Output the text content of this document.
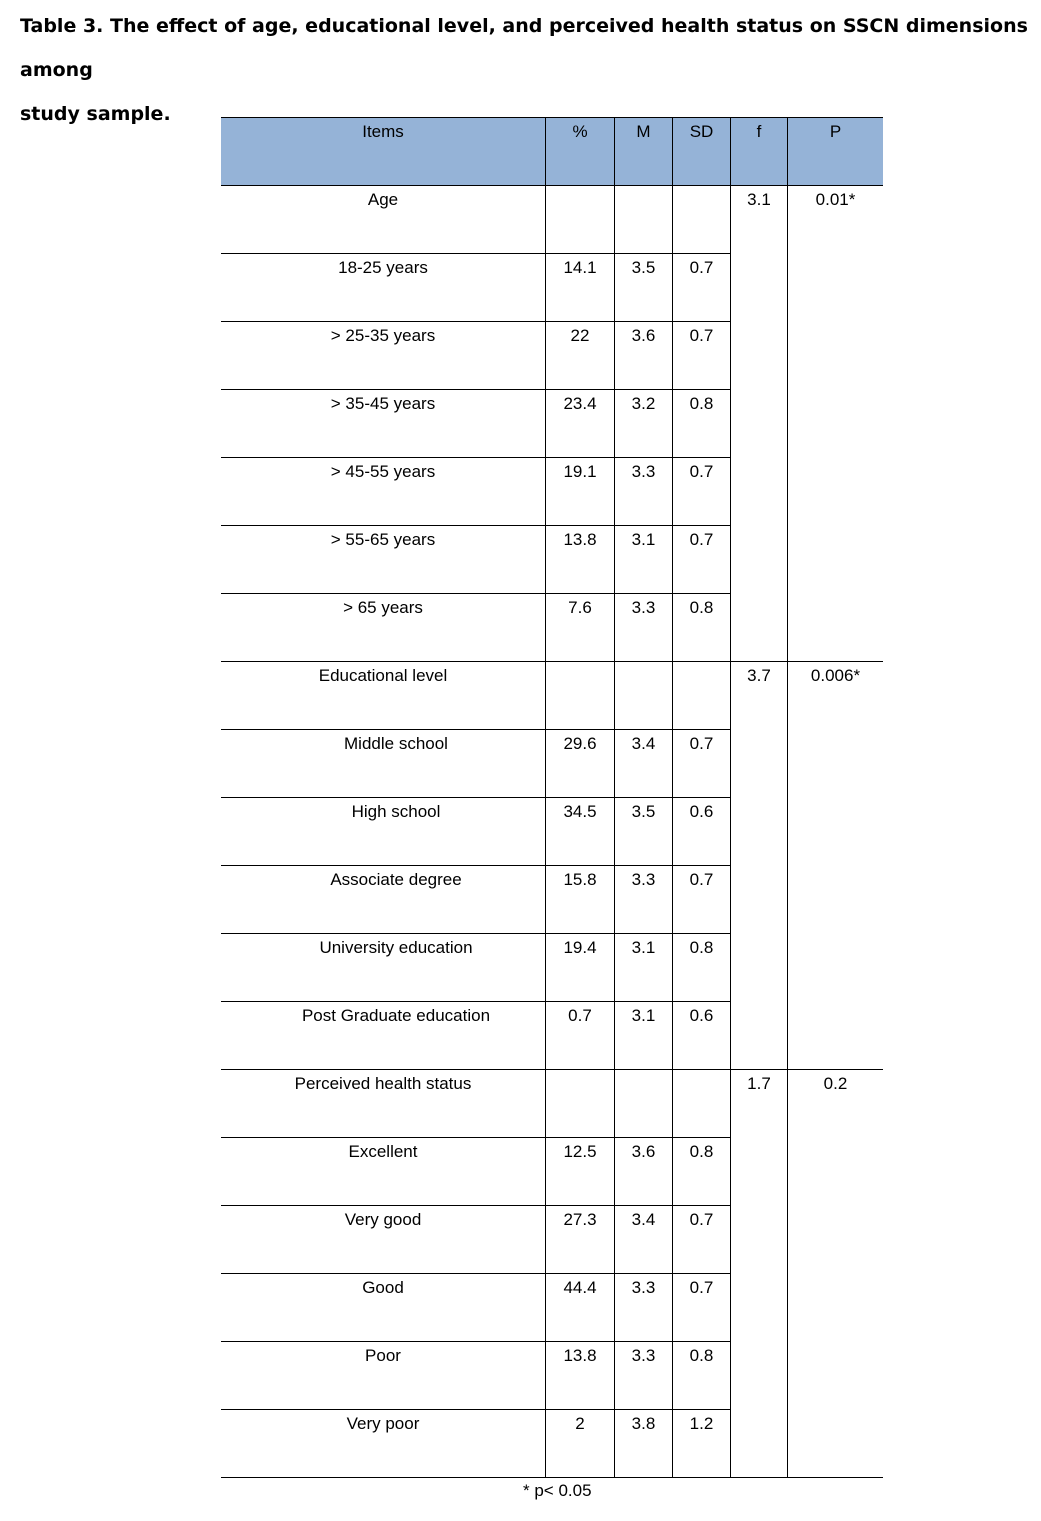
Table 3. The effect of age, educational level, and perceived health status on SSCN dimensions among
study sample.
Items	%	M	SD	f	P

Age				3.1	0.01*

18-25 years	14.1	3.5	0.7		

> 25-35 years	22	3.6	0.7		

> 35-45 years	23.4	3.2	0.8		

> 45-55 years	19.1	3.3	0.7		

> 55-65 years	13.8	3.1	0.7		

> 65 years	7.6	3.3	0.8		

Educational level				3.7	0.006*

Middle school	29.6	3.4	0.7		

High school	34.5	3.5	0.6		

Associate degree	15.8	3.3	0.7		

University education	19.4	3.1	0.8		

Post Graduate education	0.7	3.1	0.6		

Perceived health status				1.7	0.2

Excellent	12.5	3.6	0.8		

Very good	27.3	3.4	0.7		

Good	44.4	3.3	0.7		

Poor	13.8	3.3	0.8		

Very poor	2	3.8	1.2		
* p< 0.05
